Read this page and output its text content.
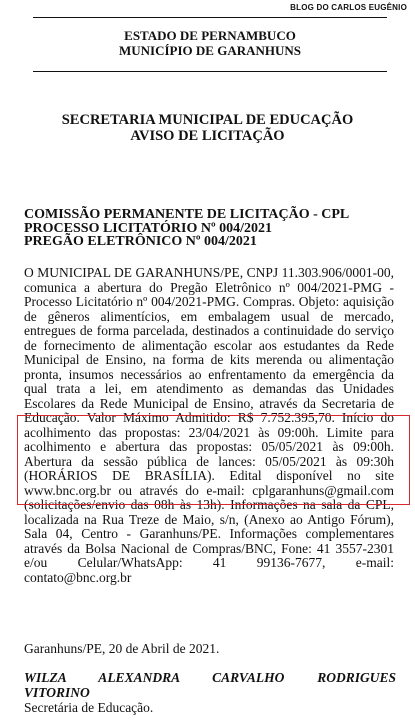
BLOG DO CARLOS EUGÊNIO
ESTADO DE PERNAMBUCO
MUNICÍPIO DE GARANHUNS
SECRETARIA MUNICIPAL DE EDUCAÇÃO
AVISO DE LICITAÇÃO
COMISSÃO PERMANENTE DE LICITAÇÃO - CPL
PROCESSO LICITATÓRIO Nº 004/2021
PREGÃO ELETRÔNICO Nº 004/2021

O MUNICIPAL DE GARANHUNS/PE, CNPJ 11.303.906/0001-00, comunica a abertura do Pregão Eletrônico nº 004/2021-PMG - Processo Licitatório nº 004/2021-PMG. Compras. Objeto: aquisição de gêneros alimentícios, em embalagem usual de mercado, entregues de forma parcelada, destinados a continuidade do serviço de fornecimento de alimentação escolar aos estudantes da Rede Municipal de Ensino, na forma de kits merenda ou alimentação pronta, insumos necessários ao enfrentamento da emergência da qual trata a lei, em atendimento as demandas das Unidades Escolares da Rede Municipal de Ensino, através da Secretaria de Educação. Valor Máximo Admitido: R$ 7.752.395,70. Início do acolhimento das propostas: 23/04/2021 às 09:00h. Limite para acolhimento e abertura das propostas: 05/05/2021 às 09:00h. Abertura da sessão pública de lances: 05/05/2021 às 09:30h (HORÁRIOS DE BRASÍLIA). Edital disponível no site www.bnc.org.br ou através do e-mail: cplgaranhuns@gmail.com (solicitações/envio das 08h às 13h). Informações na sala da CPL, localizada na Rua Treze de Maio, s/n, (Anexo ao Antigo Fórum), Sala 04, Centro - Garanhuns/PE. Informações complementares através da Bolsa Nacional de Compras/BNC, Fone: 41 3557-2301 e/ou Celular/WhatsApp: 41 99136-7677, e-mail: contato@bnc.org.br

Garanhuns/PE, 20 de Abril de 2021.
WILZA ALEXANDRA CARVALHO RODRIGUES
VITORINO
Secretária de Educação.
